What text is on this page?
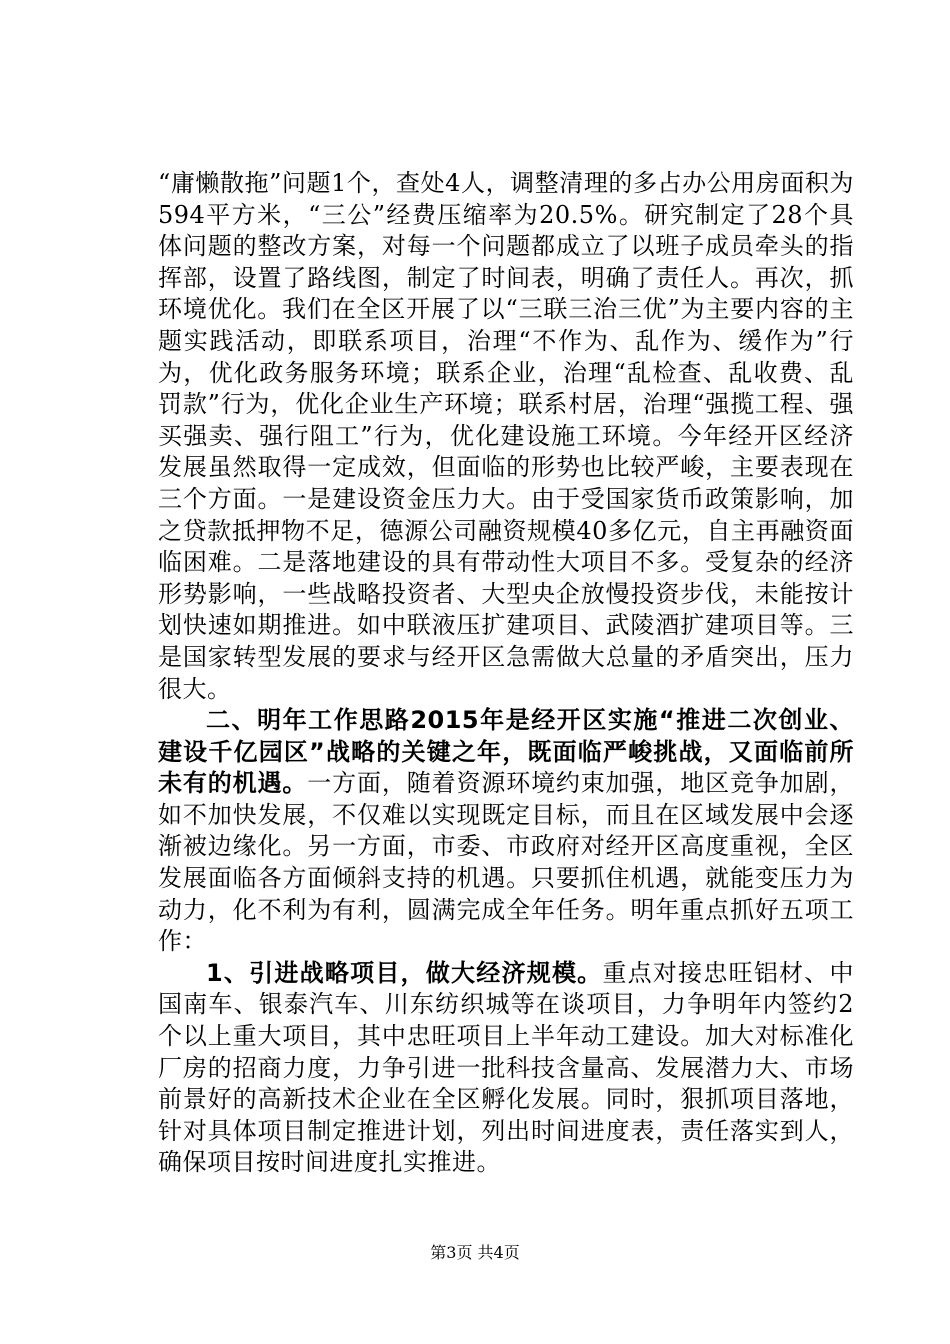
“庸懒散拖”问题1个，查处4人，调整清理的多占办公用房面积为594平方米，“三公”经费压缩率为20.5%。研究制定了28个具体问题的整改方案，对每一个问题都成立了以班子成员牵头的指挥部，设置了路线图，制定了时间表，明确了责任人。再次，抓环境优化。我们在全区开展了以“三联三治三优”为主要内容的主题实践活动，即联系项目，治理“不作为、乱作为、缓作为”行为，优化政务服务环境；联系企业，治理“乱检查、乱收费、乱罚款”行为，优化企业生产环境；联系村居，治理“强揽工程、强买强卖、强行阻工”行为，优化建设施工环境。今年经开区经济发展虽然取得一定成效，但面临的形势也比较严峻，主要表现在三个方面。一是建设资金压力大。由于受国家货币政策影响，加之贷款抵押物不足，德源公司融资规模40多亿元，自主再融资面临困难。二是落地建设的具有带动性大项目不多。受复杂的经济形势影响，一些战略投资者、大型央企放慢投资步伐，未能按计划快速如期推进。如中联液压扩建项目、武陵酒扩建项目等。三是国家转型发展的要求与经开区急需做大总量的矛盾突出，压力很大。

二、明年工作思路2015年是经开区实施“推进二次创业、建设千亿园区”战略的关键之年，既面临严峻挑战，又面临前所未有的机遇。一方面，随着资源环境约束加强，地区竞争加剧，如不加快发展，不仅难以实现既定目标，而且在区域发展中会逐渐被边缘化。另一方面，市委、市政府对经开区高度重视，全区发展面临各方面倾斜支持的机遇。只要抓住机遇，就能变压力为动力，化不利为有利，圆满完成全年任务。明年重点抓好五项工作：

1、引进战略项目，做大经济规模。重点对接忠旺铝材、中国南车、银泰汽车、川东纺织城等在谈项目，力争明年内签约2个以上重大项目，其中忠旺项目上半年动工建设。加大对标准化厂房的招商力度，力争引进一批科技含量高、发展潜力大、市场前景好的高新技术企业在全区孵化发展。同时，狠抓项目落地，针对具体项目制定推进计划，列出时间进度表，责任落实到人，确保项目按时间进度扎实推进。

第3页 共4页
